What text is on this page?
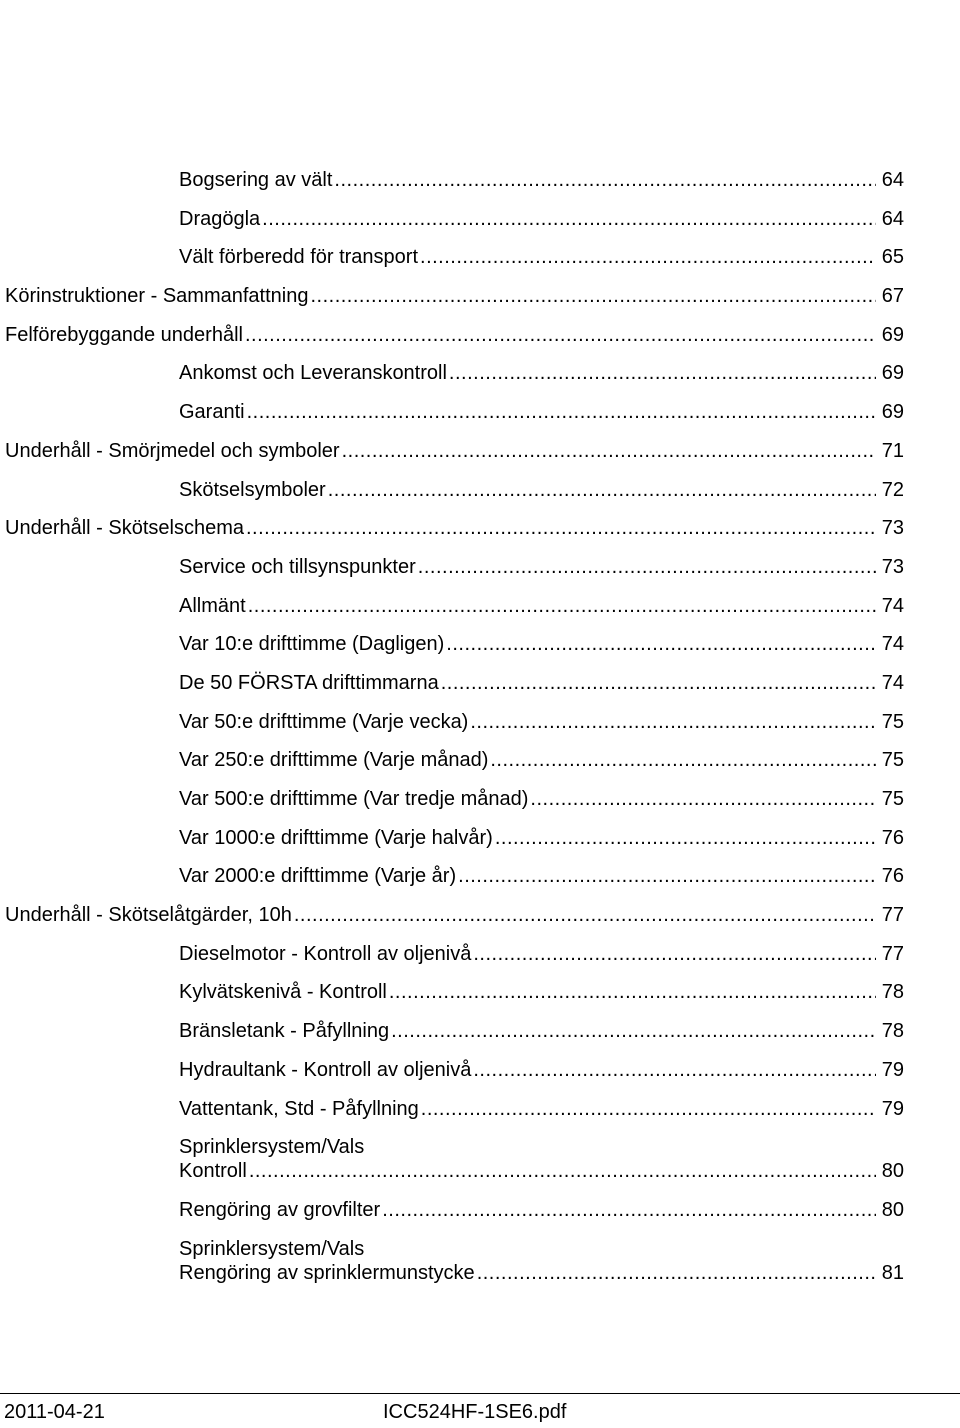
Bogsering av vält .....	64
Dragögla .....	64
Vält förberedd för transport .....	65
Körinstruktioner - Sammanfattning .....	67
Felförebyggande underhåll .....	69
Ankomst och Leveranskontroll .....	69
Garanti .....	69
Underhåll - Smörjmedel och symboler .....	71
Skötselsymboler .....	72
Underhåll - Skötselschema .....	73
Service och tillsynspunkter .....	73
Allmänt .....	74
Var 10:e drifttimme (Dagligen) .....	74
De 50 FÖRSTA drifttimmarna .....	74
Var 50:e drifttimme (Varje vecka) .....	75
Var 250:e drifttimme (Varje månad) .....	75
Var 500:e drifttimme (Var tredje månad) .....	75
Var 1000:e drifttimme (Varje halvår) .....	76
Var 2000:e drifttimme (Varje år) .....	76
Underhåll - Skötselåtgärder, 10h .....	77
Dieselmotor - Kontroll av oljenivå .....	77
Kylvätskenivå - Kontroll .....	78
Bränsletank - Påfyllning .....	78
Hydraultank - Kontroll av oljenivå .....	79
Vattentank, Std - Påfyllning .....	79
Sprinklersystem/Vals
Kontroll .....	80
Rengöring av grovfilter .....	80
Sprinklersystem/Vals
Rengöring av sprinklermunstycke .....	81
2011-04-21	ICC524HF-1SE6.pdf
